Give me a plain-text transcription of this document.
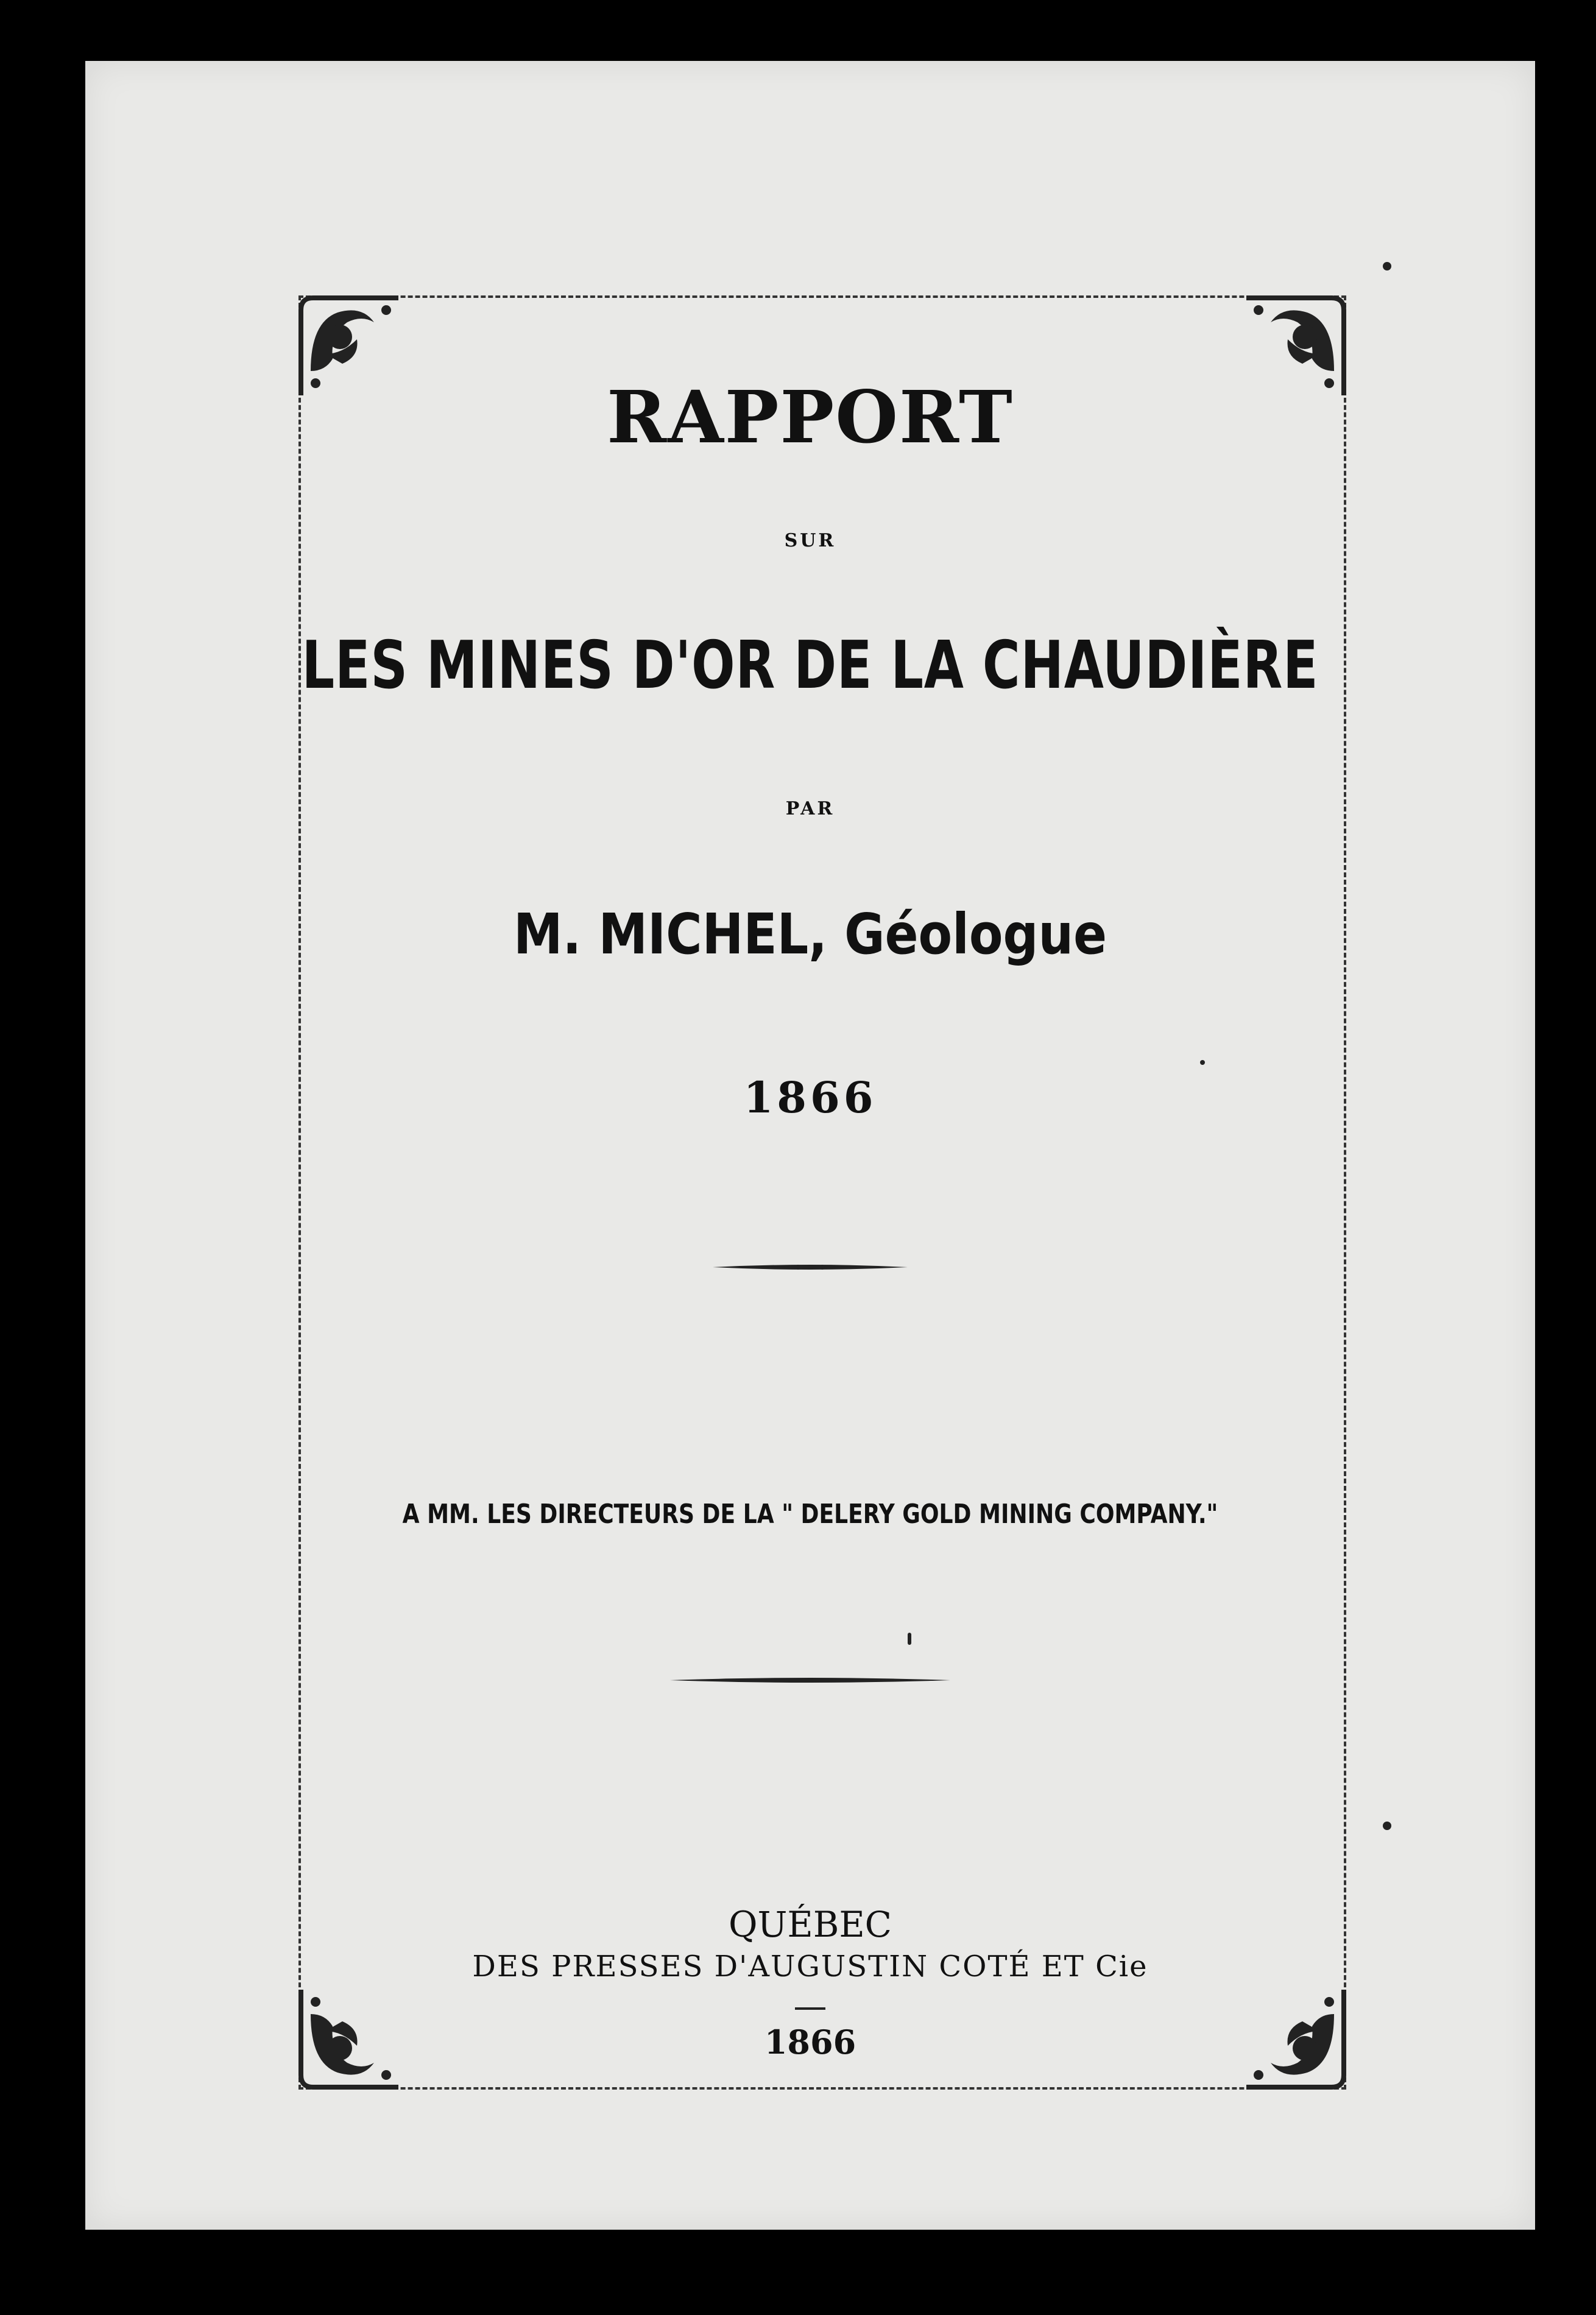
RAPPORT
SUR
LES MINES D'OR DE LA CHAUDIÈRE
PAR
M. MICHEL, Géologue
1866
A MM. LES DIRECTEURS DE LA " DELERY GOLD MINING COMPANY."
QUÉBEC
DES PRESSES D'AUGUSTIN COTÉ ET Cie
1866
